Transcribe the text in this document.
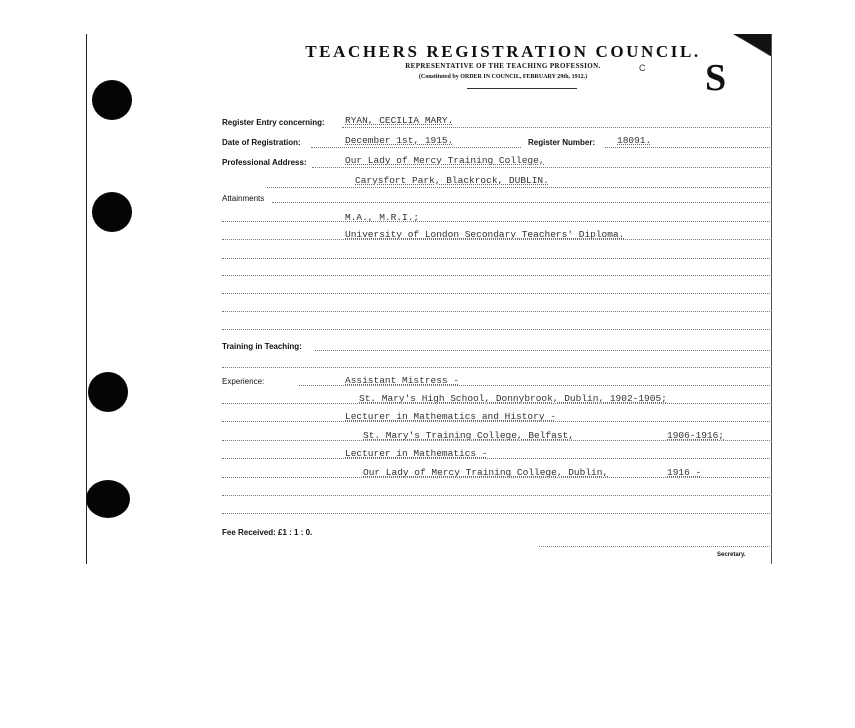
TEACHERS REGISTRATION COUNCIL.
REPRESENTATIVE OF THE TEACHING PROFESSION.
(Constituted by ORDER IN COUNCIL, FEBRUARY 29th, 1912.)
C S
Register Entry concerning: RYAN, CECILIA MARY.
Date of Registration:	December 1st, 1915.	Register Number: 18091.
Professional Address:	Our Lady of Mercy Training College,
Carysfort Park, Blackrock, DUBLIN.
Attainments
M.A., M.R.I.;
University of London Secondary Teachers' Diploma.
Training in Teaching:
Experience:	Assistant Mistress -
St. Mary's High School, Donnybrook, Dublin, 1902-1905;
Lecturer in Mathematics and History -
St. Mary's Training College, Belfast,	1906-1916;
Lecturer in Mathematics -
Our Lady of Mercy Training College, Dublin,	1916 -
Fee Received: £1 : 1 : 0.
Secretary.
